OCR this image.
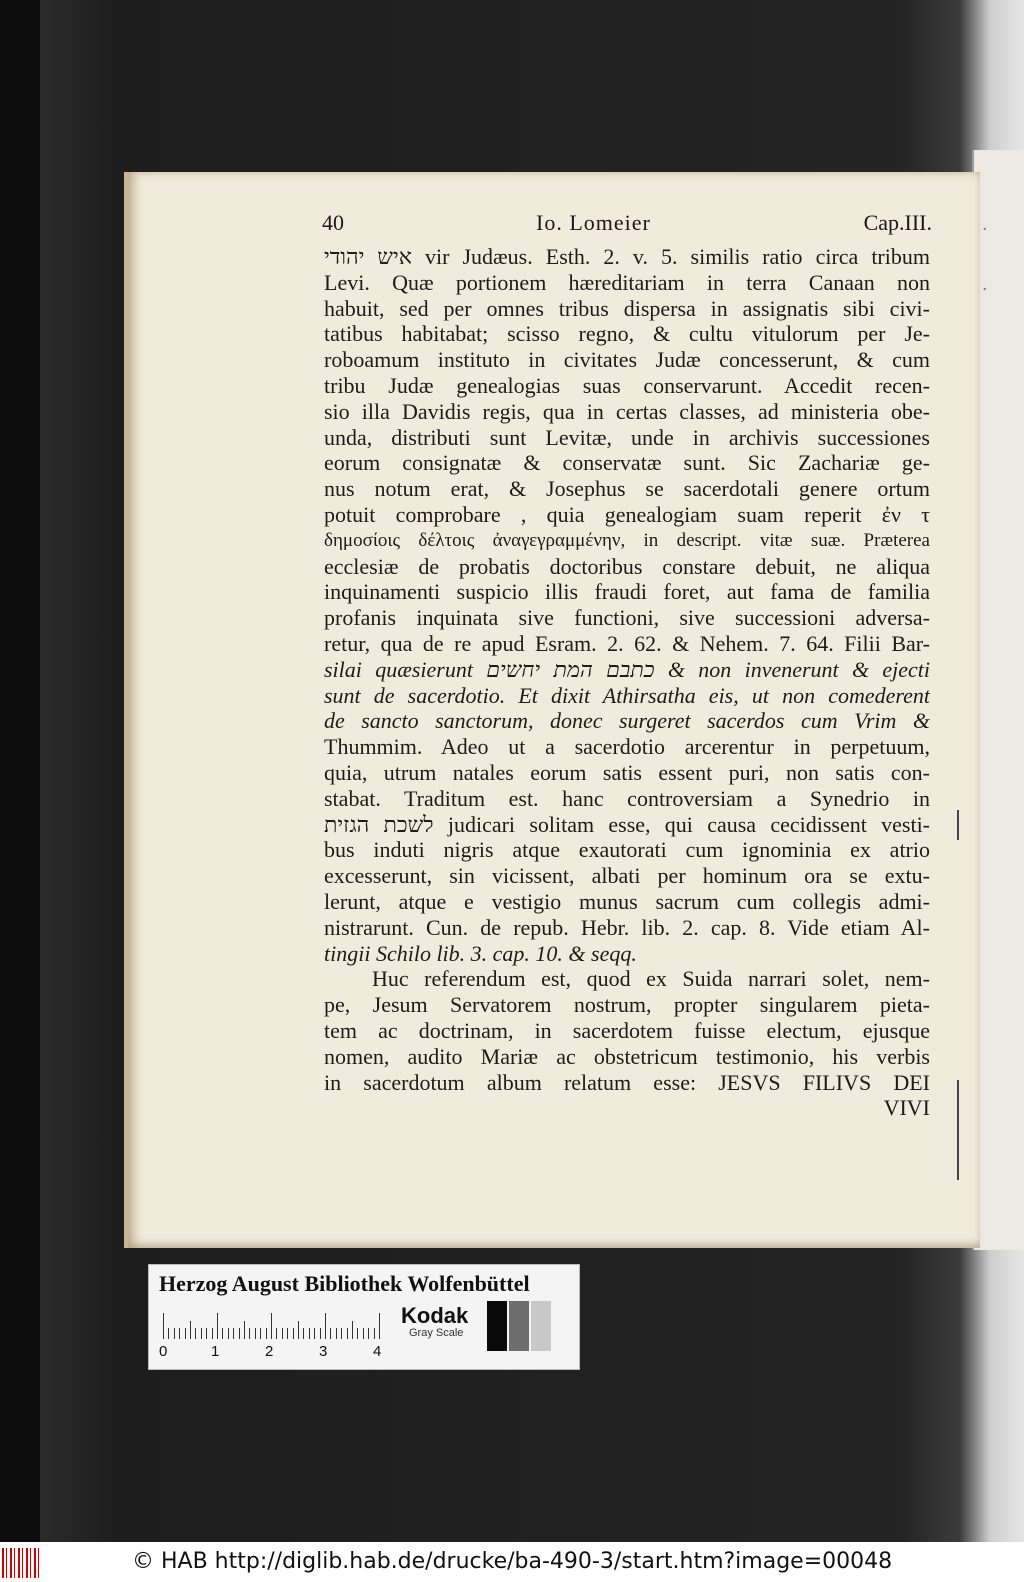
·
·
40	Io. Lomeier	Cap.III.
איש יהודי vir Judæus. Esth. 2. v. 5. similis ratio circa tribum
Levi. Quæ portionem hæreditariam in terra Canaan non
habuit, sed per omnes tribus dispersa in assignatis sibi civi-
tatibus habitabat; scisso regno, & cultu vitulorum per Je-
roboamum instituto in civitates Judæ concesserunt, & cum
tribu Judæ genealogias suas conservarunt. Accedit recen-
sio illa Davidis regis, qua in certas classes, ad ministeria obe-
unda, distributi sunt Levitæ, unde in archivis successiones
eorum consignatæ & conservatæ sunt. Sic Zachariæ ge-
nus notum erat, & Josephus se sacerdotali genere ortum
potuit comprobare , quia genealogiam suam reperit ἐν τ
δημοσίοις δέλτοις ἀναγεγραμμένην, in descript. vitæ suæ. Præterea
ecclesiæ de probatis doctoribus constare debuit, ne aliqua
inquinamenti suspicio illis fraudi foret, aut fama de familia
profanis inquinata sive functioni, sive successioni adversa-
retur, qua de re apud Esram. 2. 62. & Nehem. 7. 64. Filii Bar-
silai quæsierunt כתבם המת יחשים & non invenerunt & ejecti
sunt de sacerdotio. Et dixit Athirsatha eis, ut non comederent
de sancto sanctorum, donec surgeret sacerdos cum Vrim &
Thummim. Adeo ut a sacerdotio arcerentur in perpetuum,
quia, utrum natales eorum satis essent puri, non satis con-
stabat. Traditum est. hanc controversiam a Synedrio in
לשכת הגזית judicari solitam esse, qui causa cecidissent vesti-
bus induti nigris atque exautorati cum ignominia ex atrio
excesserunt, sin vicissent, albati per hominum ora se extu-
lerunt, atque e vestigio munus sacrum cum collegis admi-
nistrarunt. Cun. de repub. Hebr. lib. 2. cap. 8. Vide etiam Al-
tingii Schilo lib. 3. cap. 10. & seqq.
Huc referendum est, quod ex Suida narrari solet, nem-
pe, Jesum Servatorem nostrum, propter singularem pieta-
tem ac doctrinam, in sacerdotem fuisse electum, ejusque
nomen, audito Mariæ ac obstetricum testimonio, his verbis
in sacerdotum album relatum esse: JESVS FILIVS DEI
VIVI
Herzog August Bibliothek Wolfenbüttel
0	1	2	3	4
Kodak
Gray Scale
© HAB http://diglib.hab.de/drucke/ba-490-3/start.htm?image=00048
